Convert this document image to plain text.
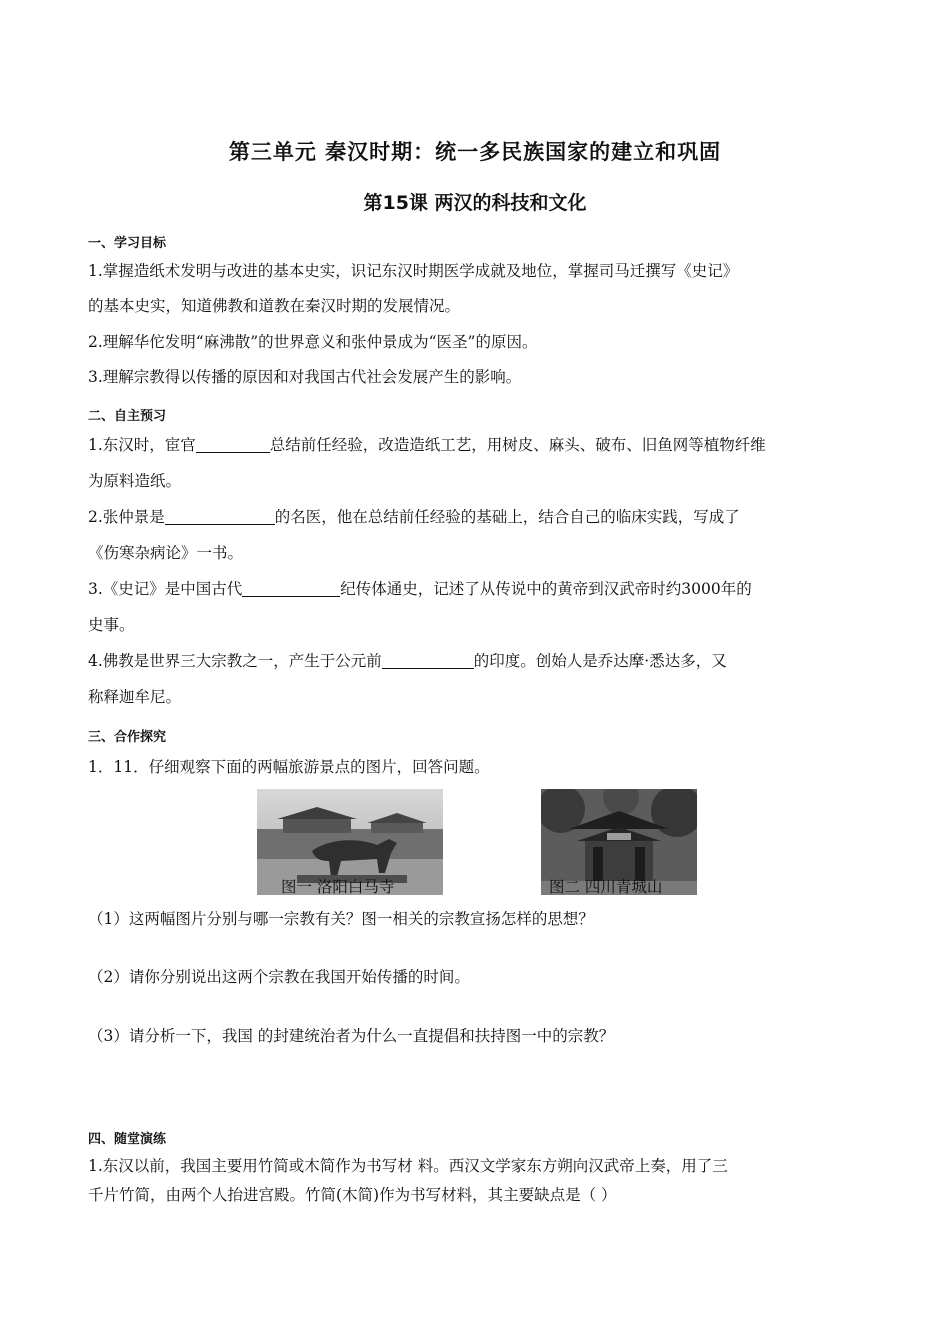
第三单元 秦汉时期：统一多民族国家的建立和巩固
第15课 两汉的科技和文化
一、学习目标
1.掌握造纸术发明与改进的基本史实，识记东汉时期医学成就及地位，掌握司马迁撰写《史记》
的基本史实，知道佛教和道教在秦汉时期的发展情况。
2.理解华佗发明“麻沸散”的世界意义和张仲景成为“医圣”的原因。
3.理解宗教得以传播的原因和对我国古代社会发展产生的影响。
二、自主预习
1.东汉时，宦官	总结前任经验，改造造纸工艺，用树皮、麻头、破布、旧鱼网等植物纤维
为原料造纸。
2.张仲景是	的名医，他在总结前任经验的基础上，结合自己的临床实践，写成了
《伤寒杂病论》一书。
3.《史记》是中国古代	纪传体通史，记述了从传说中的黄帝到汉武帝时约3000年的
史事。
4.佛教是世界三大宗教之一，产生于公元前	的印度。创始人是乔达摩·悉达多，又
称释迦牟尼。
三、合作探究
1．11．仔细观察下面的两幅旅游景点的图片，回答问题。
图一 洛阳白马寺	图二 四川青城山
（1）这两幅图片分别与哪一宗教有关？图一相关的宗教宣扬怎样的思想？
（2）请你分别说出这两个宗教在我国开始传播的时间。
（3）请分析一下，我国 的封建统治者为什么一直提倡和扶持图一中的宗教？
四、随堂演练
1.东汉以前，我国主要用竹简或木简作为书写材 料。西汉文学家东方朔向汉武帝上奏，用了三
千片竹简，由两个人抬进宫殿。竹简(木简)作为书写材料，其主要缺点是（ ）
